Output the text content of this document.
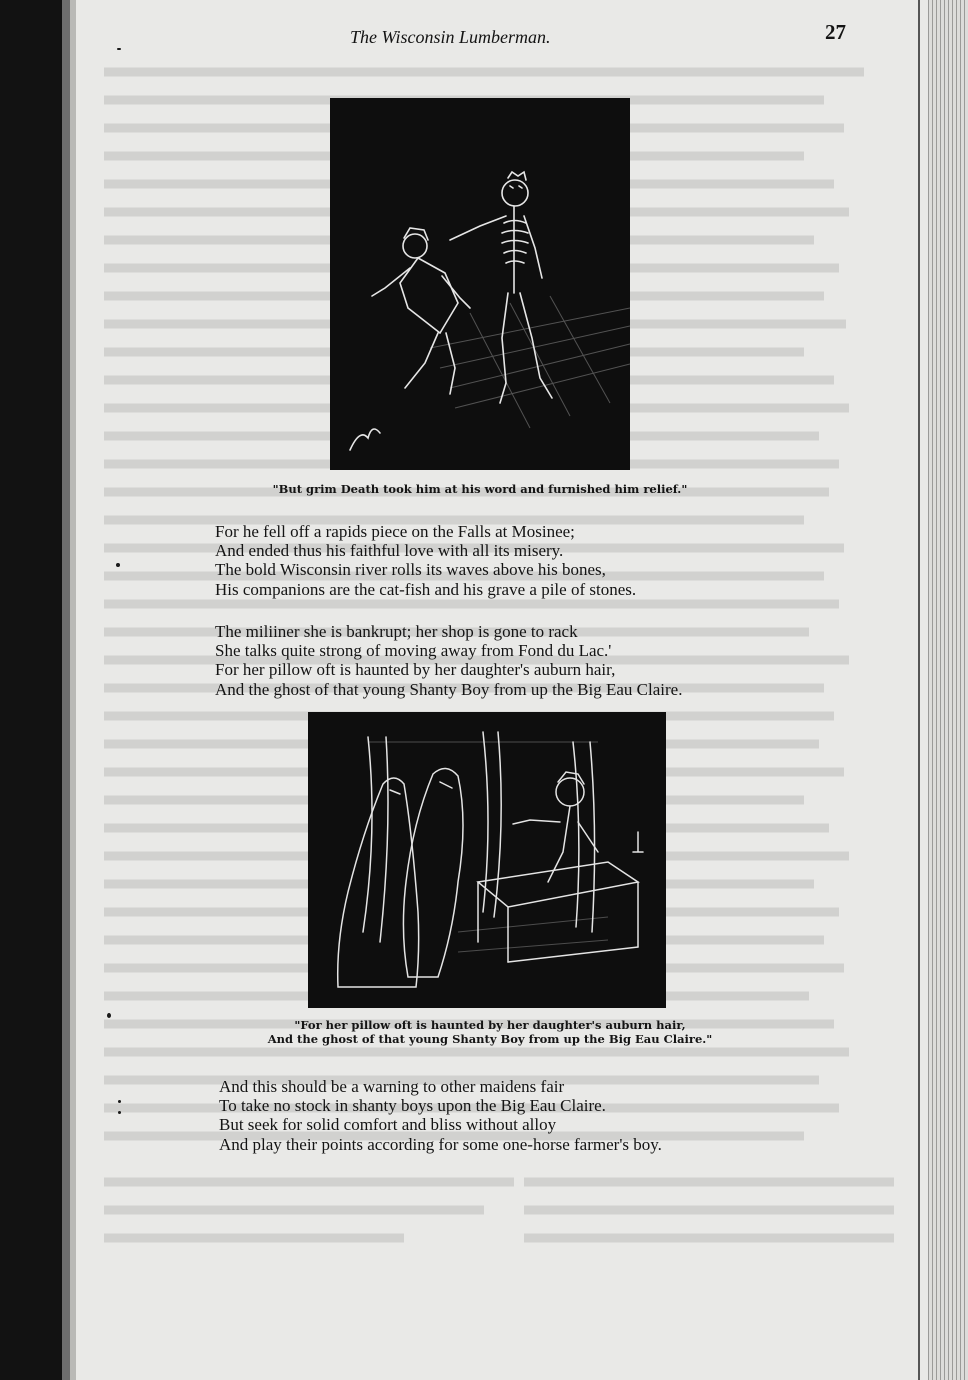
The Wisconsin Lumberman.	27
"But grim Death took him at his word and furnished him relief."
For he fell off a rapids piece on the Falls at Mosinee;
And ended thus his faithful love with all its misery.
The bold Wisconsin river rolls its waves above his bones,
His companions are the cat-fish and his grave a pile of stones.
The miliiner she is bankrupt; her shop is gone to rack
She talks quite strong of moving away from Fond du Lac.'
For her pillow oft is haunted by her daughter's auburn hair,
And the ghost of that young Shanty Boy from up the Big Eau Claire.
"For her pillow oft is haunted by her daughter's auburn hair,
And the ghost of that young Shanty Boy from up the Big Eau Claire."
And this should be a warning to other maidens fair
To take no stock in shanty boys upon the Big Eau Claire.
But seek for solid comfort and bliss without alloy
And play their points according for some one-horse farmer's boy.
